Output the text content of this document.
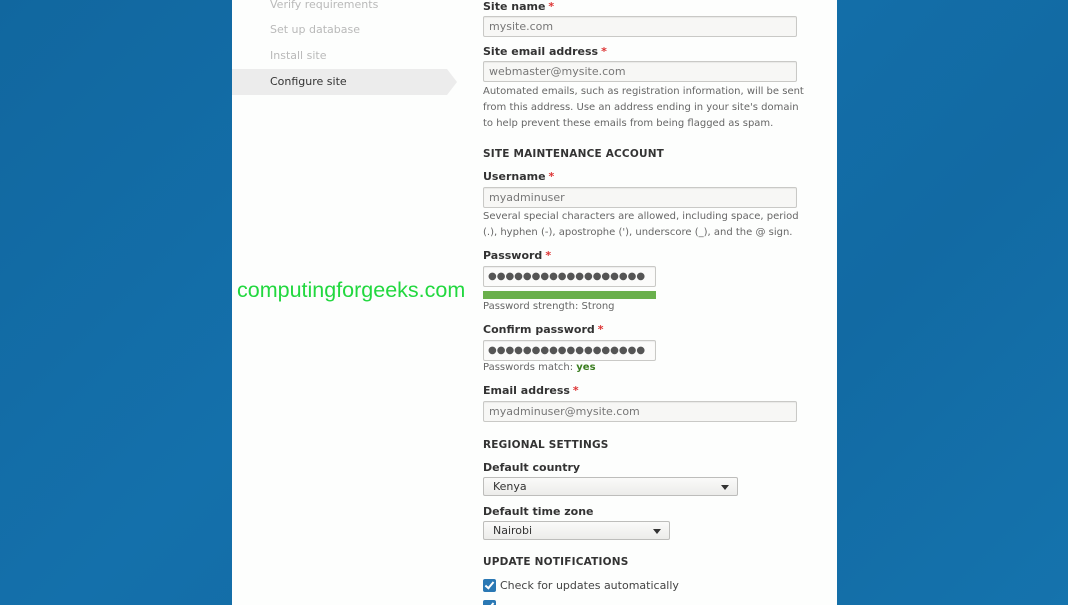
Verify requirements
Set up database
Install site
Configure site
Site name *
mysite.com
Site email address *
webmaster@mysite.com
Automated emails, such as registration information, will be sent
from this address. Use an address ending in your site's domain
to help prevent these emails from being flagged as spam.
SITE MAINTENANCE ACCOUNT
Username *
myadminuser
Several special characters are allowed, including space, period
(.), hyphen (-), apostrophe ('), underscore (_), and the @ sign.
Password *
●●●●●●●●●●●●●●●●●●
Password strength: Strong
Confirm password *
●●●●●●●●●●●●●●●●●●
Passwords match: yes
Email address *
myadminuser@mysite.com
REGIONAL SETTINGS
Default country
Kenya
Default time zone
Nairobi
UPDATE NOTIFICATIONS
Check for updates automatically
computingforgeeks.com
